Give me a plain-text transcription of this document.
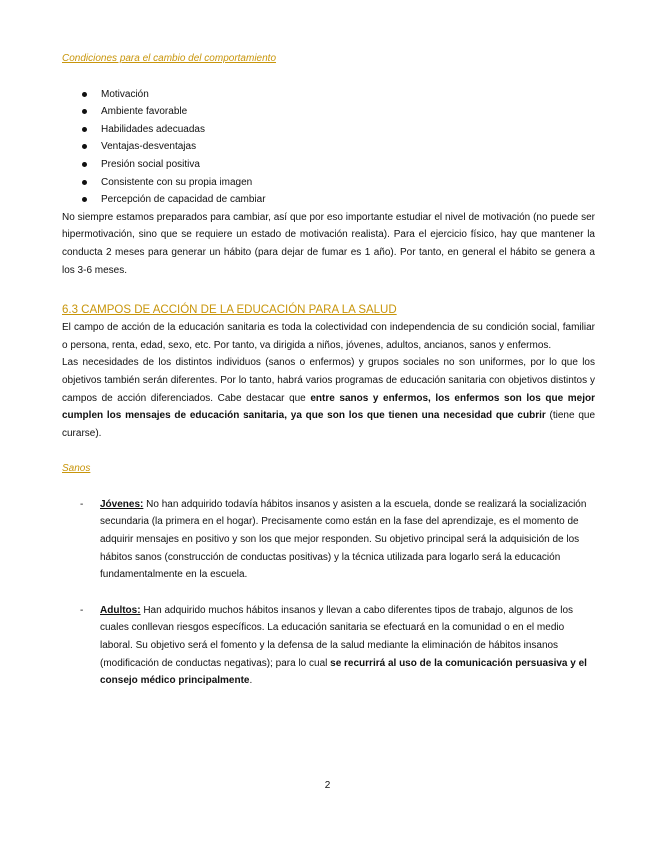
Condiciones para el cambio del comportamiento

Motivación
Ambiente favorable
Habilidades adecuadas
Ventajas-desventajas
Presión social positiva
Consistente con su propia imagen
Percepción de capacidad de cambiar

No siempre estamos preparados para cambiar, así que por eso importante estudiar el nivel de motivación (no puede ser hipermotivación, sino que se requiere un estado de motivación realista). Para el ejercicio físico, hay que mantener la conducta 2 meses para generar un hábito (para dejar de fumar es 1 año). Por tanto, en general el hábito se genera a los 3-6 meses.

6.3 CAMPOS DE ACCIÓN DE LA EDUCACIÓN PARA LA SALUD

El campo de acción de la educación sanitaria es toda la colectividad con independencia de su condición social, familiar o persona, renta, edad, sexo, etc. Por tanto, va dirigida a niños, jóvenes, adultos, ancianos, sanos y enfermos.

Las necesidades de los distintos individuos (sanos o enfermos) y grupos sociales no son uniformes, por lo que los objetivos también serán diferentes. Por lo tanto, habrá varios programas de educación sanitaria con objetivos distintos y campos de acción diferenciados. Cabe destacar que entre sanos y enfermos, los enfermos son los que mejor cumplen los mensajes de educación sanitaria, ya que son los que tienen una necesidad que cubrir (tiene que curarse).

Sanos

- Jóvenes: No han adquirido todavía hábitos insanos y asisten a la escuela, donde se realizará la socialización secundaria (la primera en el hogar). Precisamente como están en la fase del aprendizaje, es el momento de adquirir mensajes en positivo y son los que mejor responden. Su objetivo principal será la adquisición de los hábitos sanos (construcción de conductas positivas) y la técnica utilizada para logarlo será la educación fundamentalmente en la escuela.
- Adultos: Han adquirido muchos hábitos insanos y llevan a cabo diferentes tipos de trabajo, algunos de los cuales conllevan riesgos específicos. La educación sanitaria se efectuará en la comunidad o en el medio laboral. Su objetivo será el fomento y la defensa de la salud mediante la eliminación de hábitos insanos (modificación de conductas negativas); para lo cual se recurrirá al uso de la comunicación persuasiva y el consejo médico principalmente.
2
